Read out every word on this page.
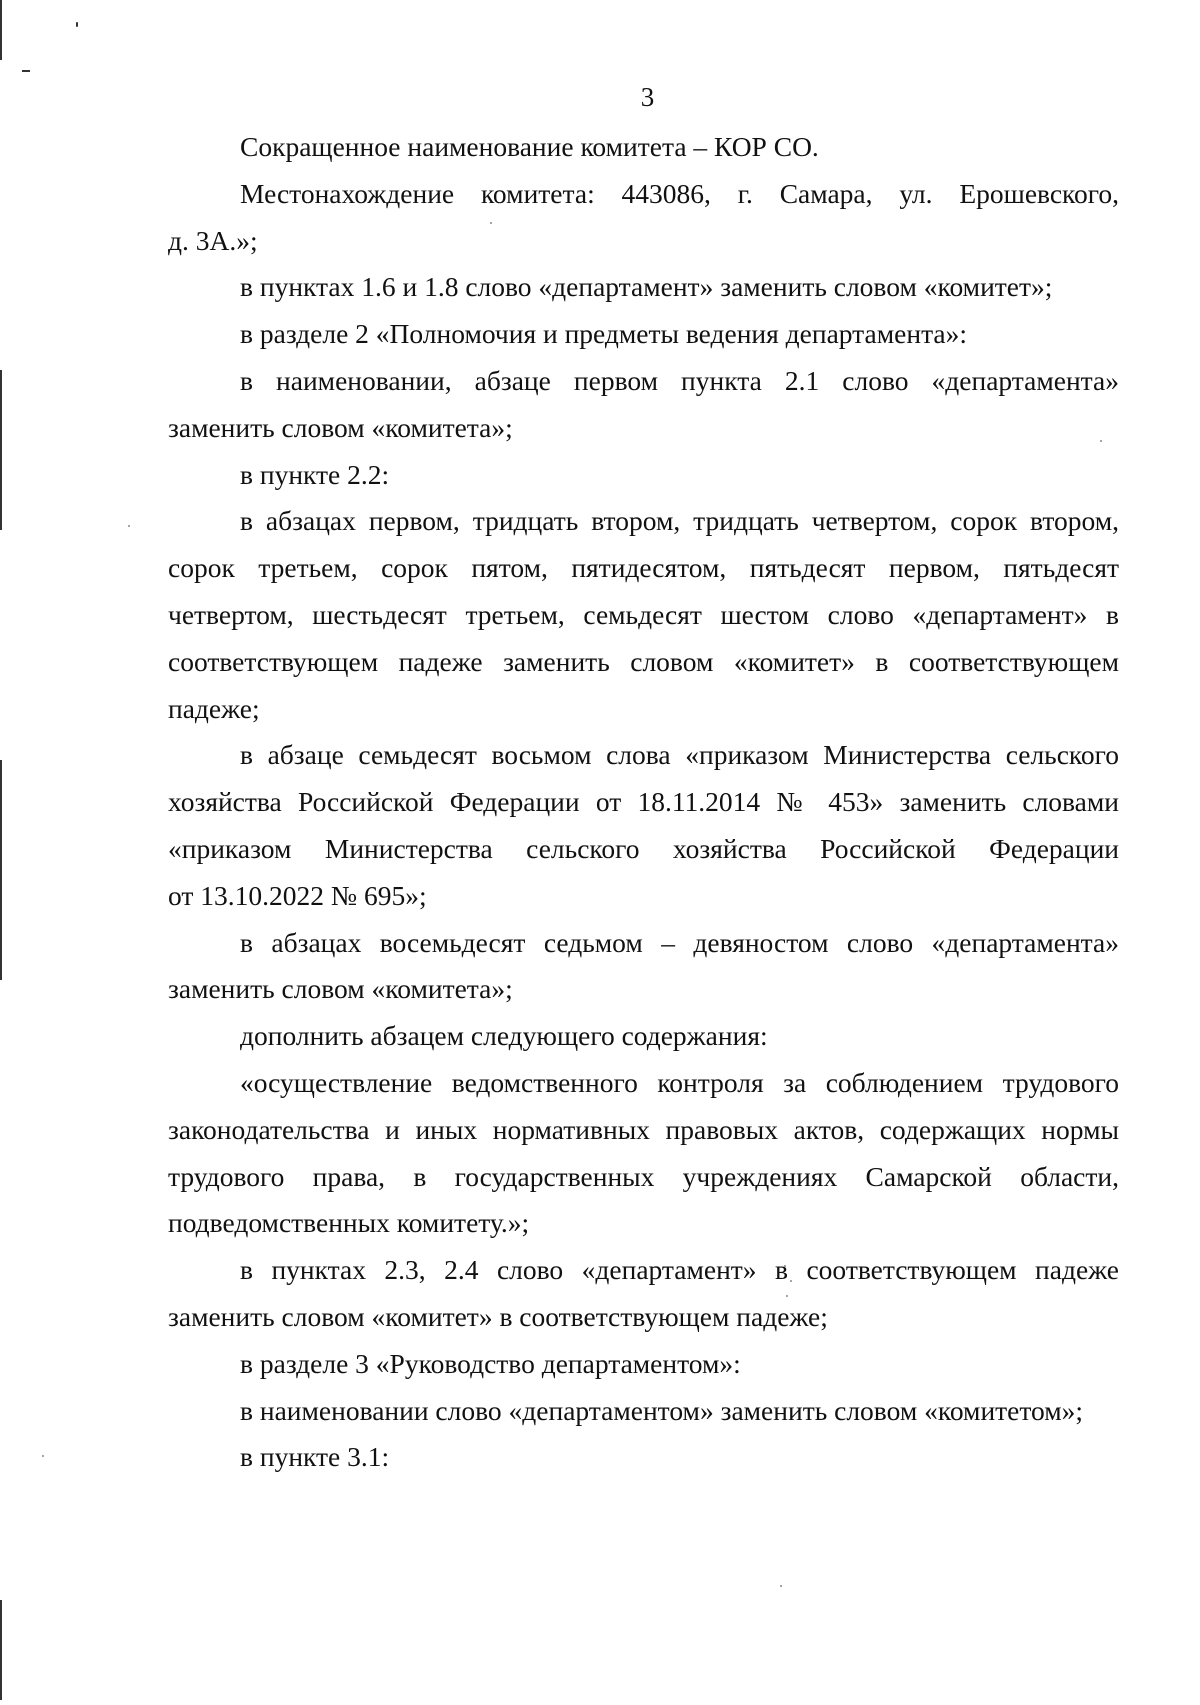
3
Сокращенное наименование комитета – КОР СО.
Местонахождение комитета: 443086, г. Самара, ул. Ерошевского,
д. 3А.»;
в пунктах 1.6 и 1.8 слово «департамент» заменить словом «комитет»;
в разделе 2 «Полномочия и предметы ведения департамента»:
в наименовании, абзаце первом пункта 2.1 слово «департамента»
заменить словом «комитета»;
в пункте 2.2:
в абзацах первом, тридцать втором, тридцать четвертом, сорок втором,
сорок третьем, сорок пятом, пятидесятом, пятьдесят первом, пятьдесят
четвертом, шестьдесят третьем, семьдесят шестом слово «департамент» в
соответствующем падеже заменить словом «комитет» в соответствующем
падеже;
в абзаце семьдесят восьмом слова «приказом Министерства сельского
хозяйства Российской Федерации от 18.11.2014 № 453» заменить словами
«приказом Министерства сельского хозяйства Российской Федерации
от 13.10.2022 № 695»;
в абзацах восемьдесят седьмом – девяностом слово «департамента»
заменить словом «комитета»;
дополнить абзацем следующего содержания:
«осуществление ведомственного контроля за соблюдением трудового
законодательства и иных нормативных правовых актов, содержащих нормы
трудового права, в государственных учреждениях Самарской области,
подведомственных комитету.»;
в пунктах 2.3, 2.4 слово «департамент» в соответствующем падеже
заменить словом «комитет» в соответствующем падеже;
в разделе 3 «Руководство департаментом»:
в наименовании слово «департаментом» заменить словом «комитетом»;
в пункте 3.1:
